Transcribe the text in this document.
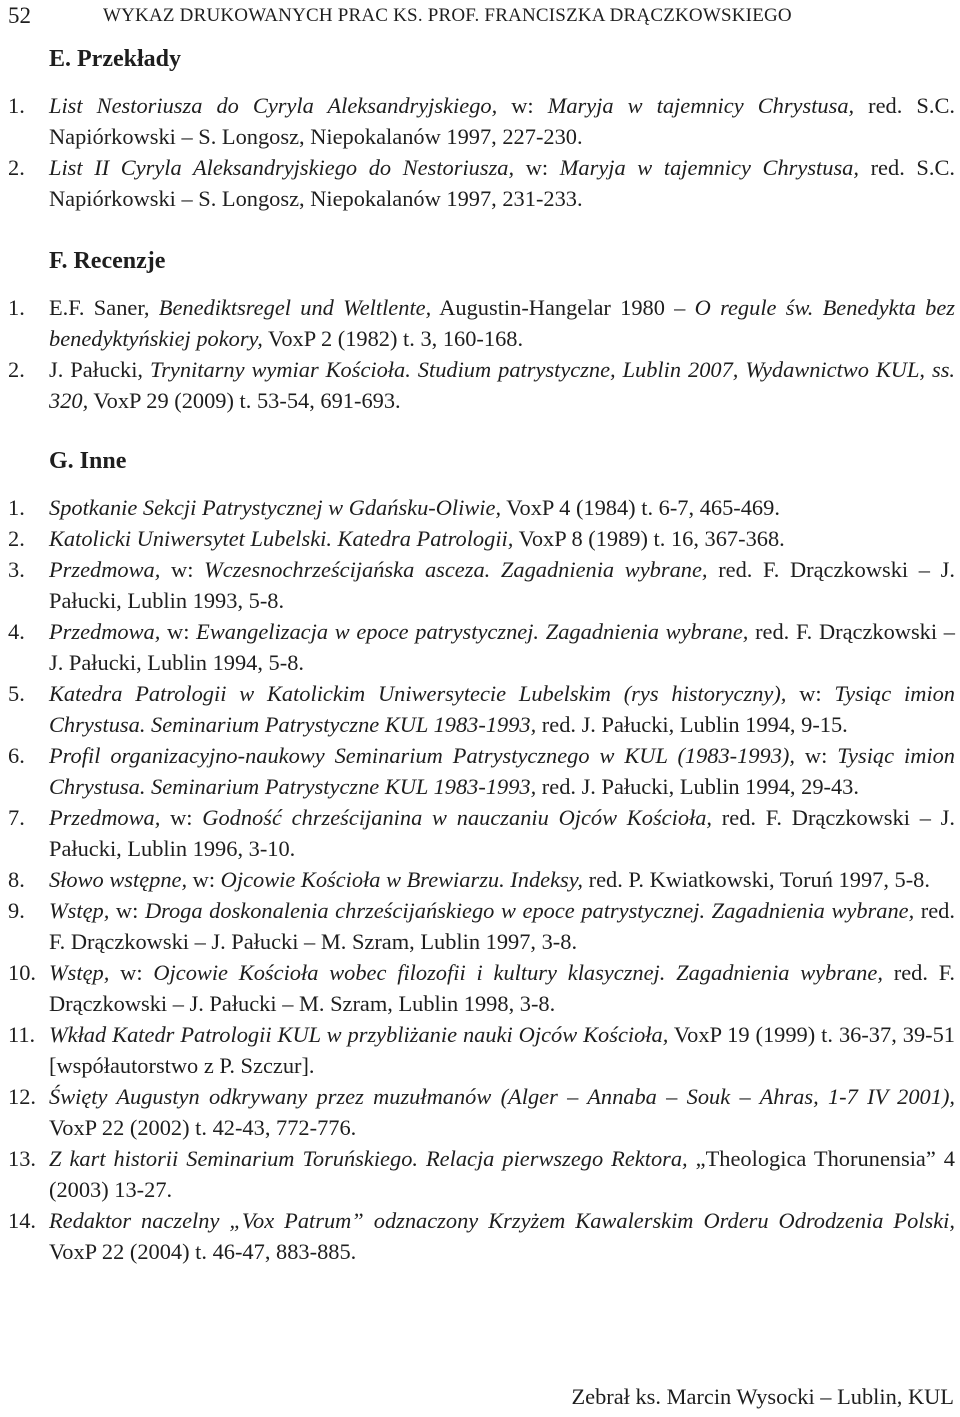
52	WYKAZ DRUKOWANYCH PRAC KS. PROF. FRANCISZKA DRĄCZKOWSKIEGO
E. Przekłady
1. List Nestoriusza do Cyryla Aleksandryjskiego, w: Maryja w tajemnicy Chrystusa, red. S.C. Napiórkowski – S. Longosz, Niepokalanów 1997, 227-230.
2. List II Cyryla Aleksandryjskiego do Nestoriusza, w: Maryja w tajemnicy Chrystusa, red. S.C. Napiórkowski – S. Longosz, Niepokalanów 1997, 231-233.
F. Recenzje
1. E.F. Saner, Benediktsregel und Weltlente, Augustin-Hangelar 1980 – O regule św. Benedykta bez benedyktyńskiej pokory, VoxP 2 (1982) t. 3, 160-168.
2. J. Pałucki, Trynitarny wymiar Kościoła. Studium patrystyczne, Lublin 2007, Wydawnictwo KUL, ss. 320, VoxP 29 (2009) t. 53-54, 691-693.
G. Inne
1. Spotkanie Sekcji Patrystycznej w Gdańsku-Oliwie, VoxP 4 (1984) t. 6-7, 465-469.
2. Katolicki Uniwersytet Lubelski. Katedra Patrologii, VoxP 8 (1989) t. 16, 367-368.
3. Przedmowa, w: Wczesnochrześcijańska asceza. Zagadnienia wybrane, red. F. Drączkowski – J. Pałucki, Lublin 1993, 5-8.
4. Przedmowa, w: Ewangelizacja w epoce patrystycznej. Zagadnienia wybrane, red. F. Drączkowski – J. Pałucki, Lublin 1994, 5-8.
5. Katedra Patrologii w Katolickim Uniwersytecie Lubelskim (rys historyczny), w: Tysiąc imion Chrystusa. Seminarium Patrystyczne KUL 1983-1993, red. J. Pałucki, Lublin 1994, 9-15.
6. Profil organizacyjno-naukowy Seminarium Patrystycznego w KUL (1983-1993), w: Tysiąc imion Chrystusa. Seminarium Patrystyczne KUL 1983-1993, red. J. Pałucki, Lublin 1994, 29-43.
7. Przedmowa, w: Godność chrześcijanina w nauczaniu Ojców Kościoła, red. F. Drączkowski – J. Pałucki, Lublin 1996, 3-10.
8. Słowo wstępne, w: Ojcowie Kościoła w Brewiarzu. Indeksy, red. P. Kwiatkowski, Toruń 1997, 5-8.
9. Wstęp, w: Droga doskonalenia chrześcijańskiego w epoce patrystycznej. Zagadnienia wybrane, red. F. Drączkowski – J. Pałucki – M. Szram, Lublin 1997, 3-8.
10. Wstęp, w: Ojcowie Kościoła wobec filozofii i kultury klasycznej. Zagadnienia wybrane, red. F. Drączkowski – J. Pałucki – M. Szram, Lublin 1998, 3-8.
11. Wkład Katedr Patrologii KUL w przybliżanie nauki Ojców Kościoła, VoxP 19 (1999) t. 36-37, 39-51 [współautorstwo z P. Szczur].
12. Święty Augustyn odkrywany przez muzułmanów (Alger – Annaba – Souk – Ahras, 1-7 IV 2001), VoxP 22 (2002) t. 42-43, 772-776.
13. Z kart historii Seminarium Toruńskiego. Relacja pierwszego Rektora, „Theologica Thorunensia” 4 (2003) 13-27.
14. Redaktor naczelny „Vox Patrum” odznaczony Krzyżem Kawalerskim Orderu Odrodzenia Polski, VoxP 22 (2004) t. 46-47, 883-885.
Zebrał ks. Marcin Wysocki – Lublin, KUL
